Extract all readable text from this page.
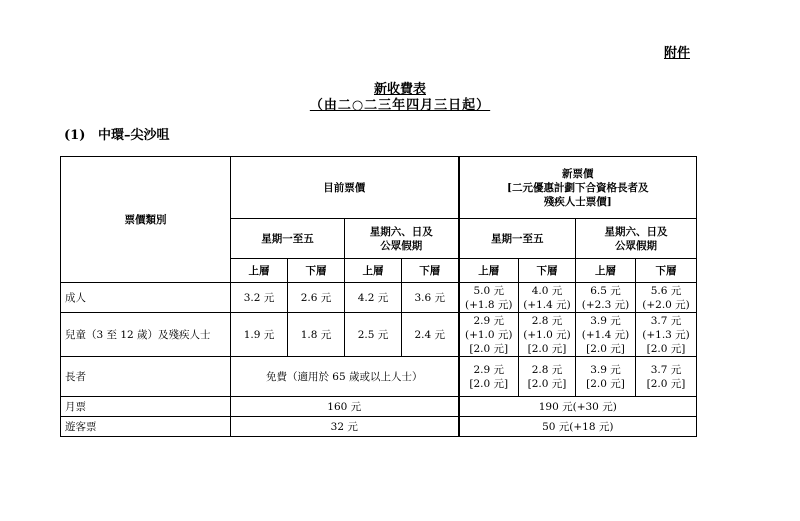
附件
新收費表
（由二○二三年四月三日起）
(1) 中環–尖沙咀
票價類別	目前票價				新票價
[二元優惠計劃下合資格長者及
殘疾人士票價]			

	星期一至五		星期六、日及
公眾假期		星期一至五		星期六、日及
公眾假期	

	上層	下層	上層	下層	上層	下層	上層	下層
成人	3.2 元	2.6 元	4.2 元	3.6 元	5.0 元
(+1.8 元)	4.0 元
(+1.4 元)	6.5 元
(+2.3 元)	5.6 元
(+2.0 元)

兒童（3 至 12 歲）及殘疾人士	1.9 元	1.8 元	2.5 元	2.4 元	2.9 元
(+1.0 元)
[2.0 元]	2.8 元
(+1.0 元)
[2.0 元]	3.9 元
(+1.4 元)
[2.0 元]	3.7 元
(+1.3 元)
[2.0 元]

長者	免費（適用於 65 歲或以上人士）				2.9 元
[2.0 元]	2.8 元
[2.0 元]	3.9 元
[2.0 元]	3.7 元
[2.0 元]

月票	160 元				190 元(+30 元)			
遊客票	32 元				50 元(+18 元)			
